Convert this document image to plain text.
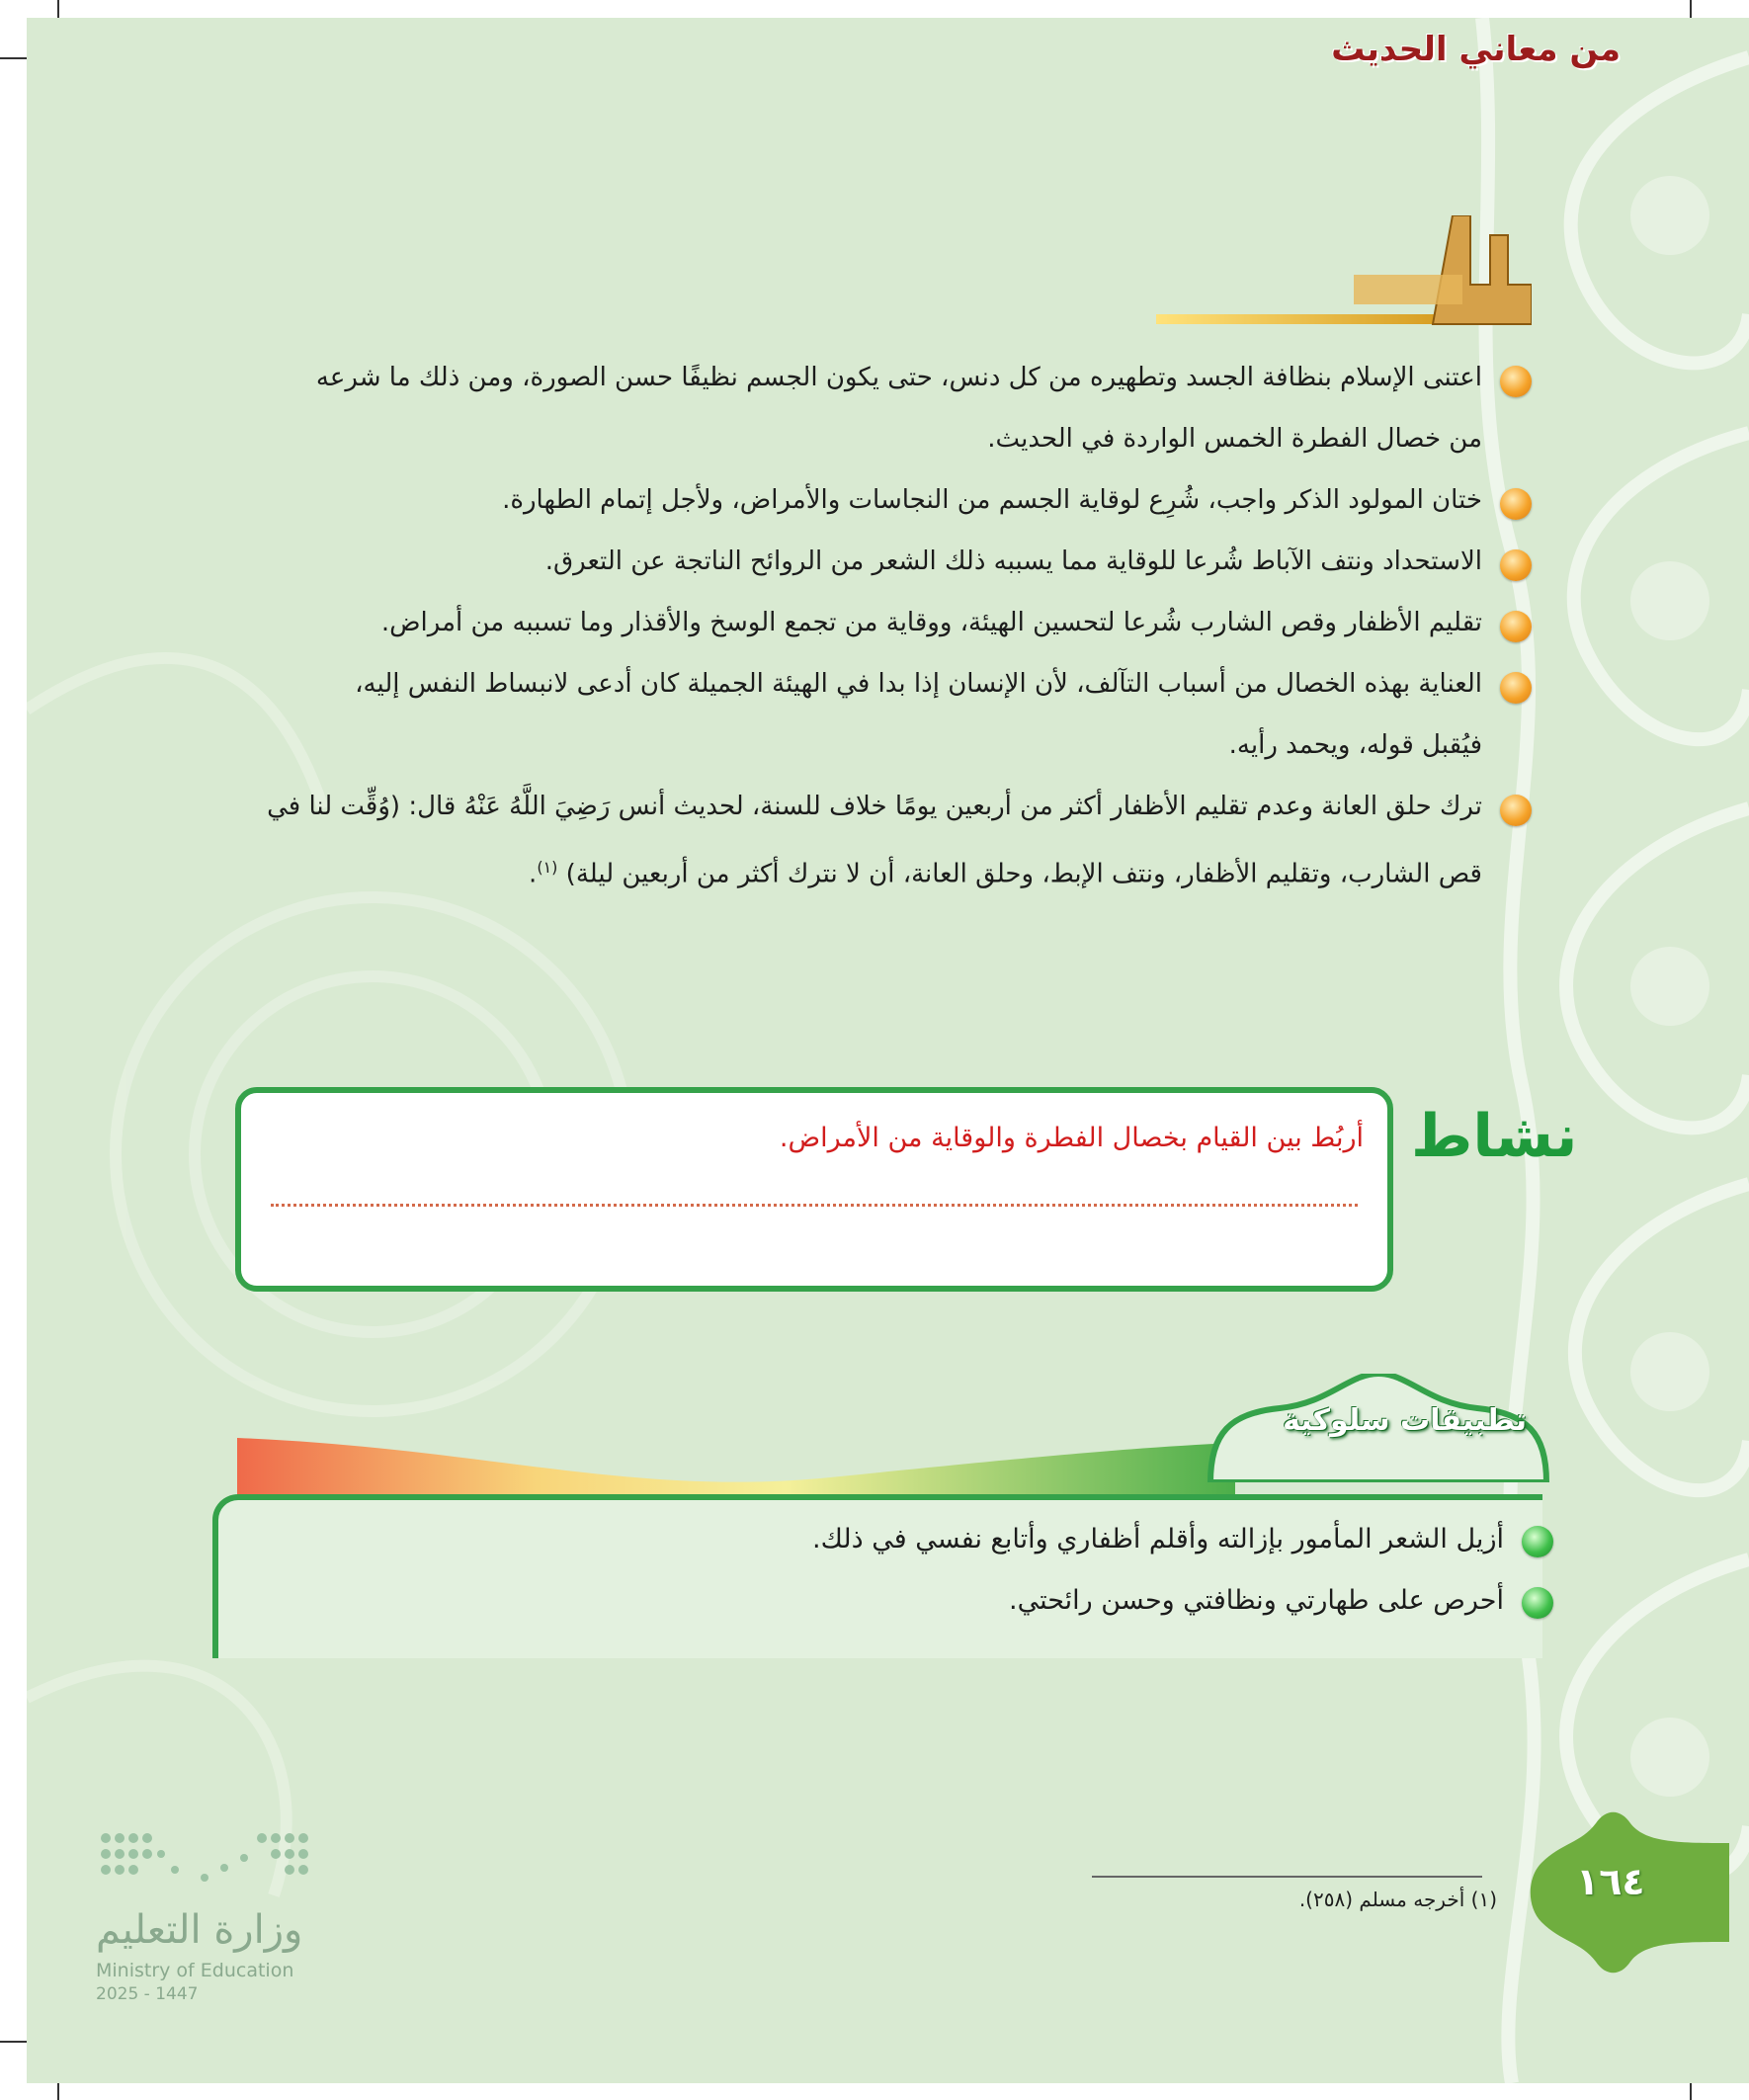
من معاني الحديث
اعتنى الإسلام بنظافة الجسد وتطهيره من كل دنس، حتى يكون الجسم نظيفًا حسن الصورة، ومن ذلك ما شرعه
من خصال الفطرة الخمس الواردة في الحديث.
ختان المولود الذكر واجب، شُرِع لوقاية الجسم من النجاسات والأمراض، ولأجل إتمام الطهارة.
الاستحداد ونتف الآباط شُرعا للوقاية مما يسببه ذلك الشعر من الروائح الناتجة عن التعرق.
تقليم الأظفار وقص الشارب شُرعا لتحسين الهيئة، ووقاية من تجمع الوسخ والأقذار وما تسببه من أمراض.
العناية بهذه الخصال من أسباب التآلف، لأن الإنسان إذا بدا في الهيئة الجميلة كان أدعى لانبساط النفس إليه،
فيُقبل قوله، ويحمد رأيه.
ترك حلق العانة وعدم تقليم الأظفار أكثر من أربعين يومًا خلاف للسنة، لحديث أنس رَضِيَ اللَّهُ عَنْهُ قال: (وُقِّت لنا في
قص الشارب، وتقليم الأظفار، ونتف الإبط، وحلق العانة، أن لا نترك أكثر من أربعين ليلة) $^{(١)}$.
نشاط
أربُط بين القيام بخصال الفطرة والوقاية من الأمراض.
تطبيقات سلوكية
أزيل الشعر المأمور بإزالته وأقلم أظفاري وأتابع نفسي في ذلك.
أحرص على طهارتي ونظافتي وحسن رائحتي.
(١) أخرجه مسلم (٢٥٨). ١٦٤
وزارة التعليم
Ministry of Education
2025 - 1447
